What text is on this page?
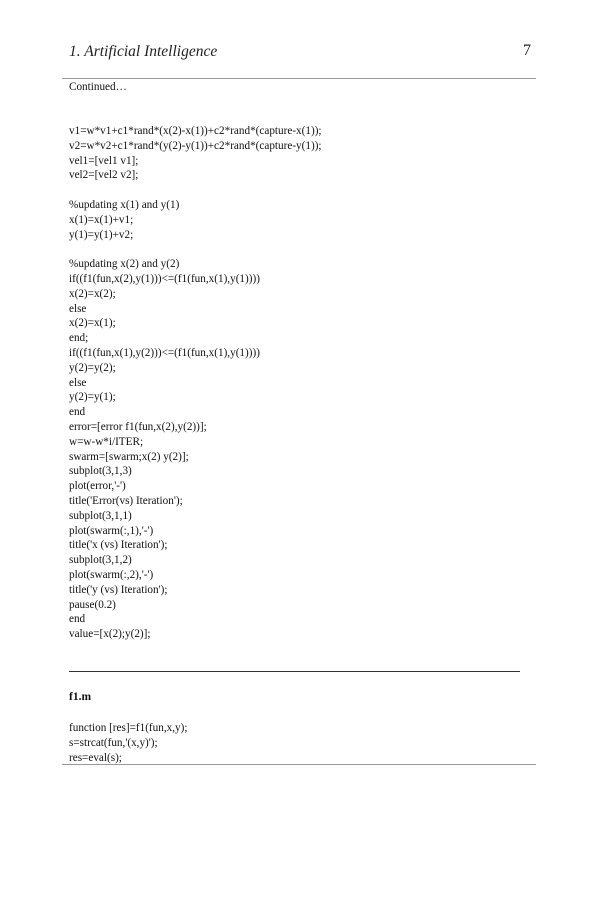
1. Artificial Intelligence	7
Continued…
v1=w*v1+c1*rand*(x(2)-x(1))+c2*rand*(capture-x(1));
v2=w*v2+c1*rand*(y(2)-y(1))+c2*rand*(capture-y(1));
vel1=[vel1 v1];
vel2=[vel2 v2];
%updating x(1) and y(1)
x(1)=x(1)+v1;
y(1)=y(1)+v2;
%updating x(2) and y(2)
if((f1(fun,x(2),y(1)))<=(f1(fun,x(1),y(1))))
x(2)=x(2);
else
x(2)=x(1);
end;
if((f1(fun,x(1),y(2)))<=(f1(fun,x(1),y(1))))
y(2)=y(2);
else
y(2)=y(1);
end
error=[error f1(fun,x(2),y(2))];
w=w-w*i/ITER;
swarm=[swarm;x(2) y(2)];
subplot(3,1,3)
plot(error,'-')
title('Error(vs) Iteration');
subplot(3,1,1)
plot(swarm(:,1),'-')
title('x (vs) Iteration');
subplot(3,1,2)
plot(swarm(:,2),'-')
title('y (vs) Iteration');
pause(0.2)
end
value=[x(2);y(2)];
f1.m
function [res]=f1(fun,x,y);
s=strcat(fun,'(x,y)');
res=eval(s);
